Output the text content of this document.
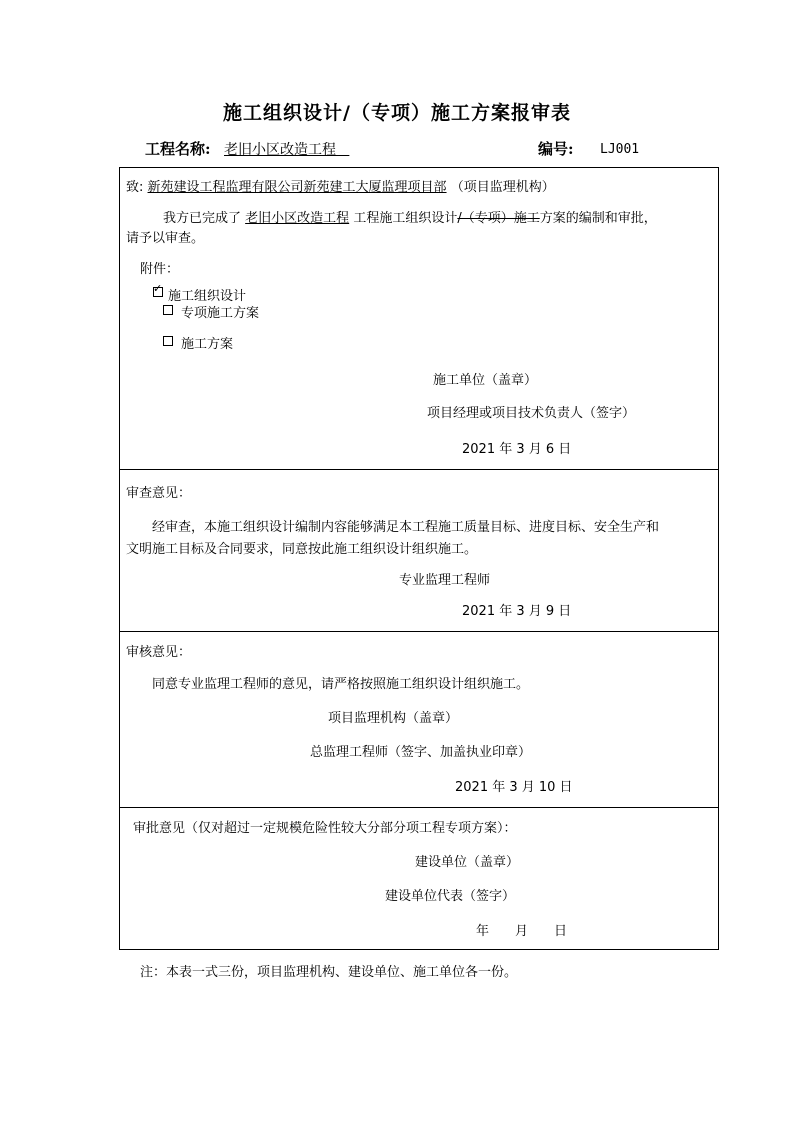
施工组织设计/（专项）施工方案报审表
工程名称: 老旧小区改造工程	编号: LJ001
致: 新苑建设工程监理有限公司新苑建工大厦监理项目部 （项目监理机构）
我方已完成了 老旧小区改造工程 工程施工组织设计/（专项）施工方案的编制和审批，
请予以审查。
附件：
✓
施工组织设计
专项施工方案
施工方案
施工单位（盖章）
项目经理或项目技术负责人（签字）
2021 年 3 月 6 日
审查意见：
经审查，本施工组织设计编制内容能够满足本工程施工质量目标、进度目标、安全生产和
文明施工目标及合同要求，同意按此施工组织设计组织施工。
专业监理工程师
2021 年 3 月 9 日
审核意见：
同意专业监理工程师的意见，请严格按照施工组织设计组织施工。
项目监理机构（盖章）
总监理工程师（签字、加盖执业印章）
2021 年 3 月 10 日
审批意见（仅对超过一定规模危险性较大分部分项工程专项方案）：
建设单位（盖章）
建设单位代表（签字）
年　　月　　日
注：本表一式三份，项目监理机构、建设单位、施工单位各一份。
